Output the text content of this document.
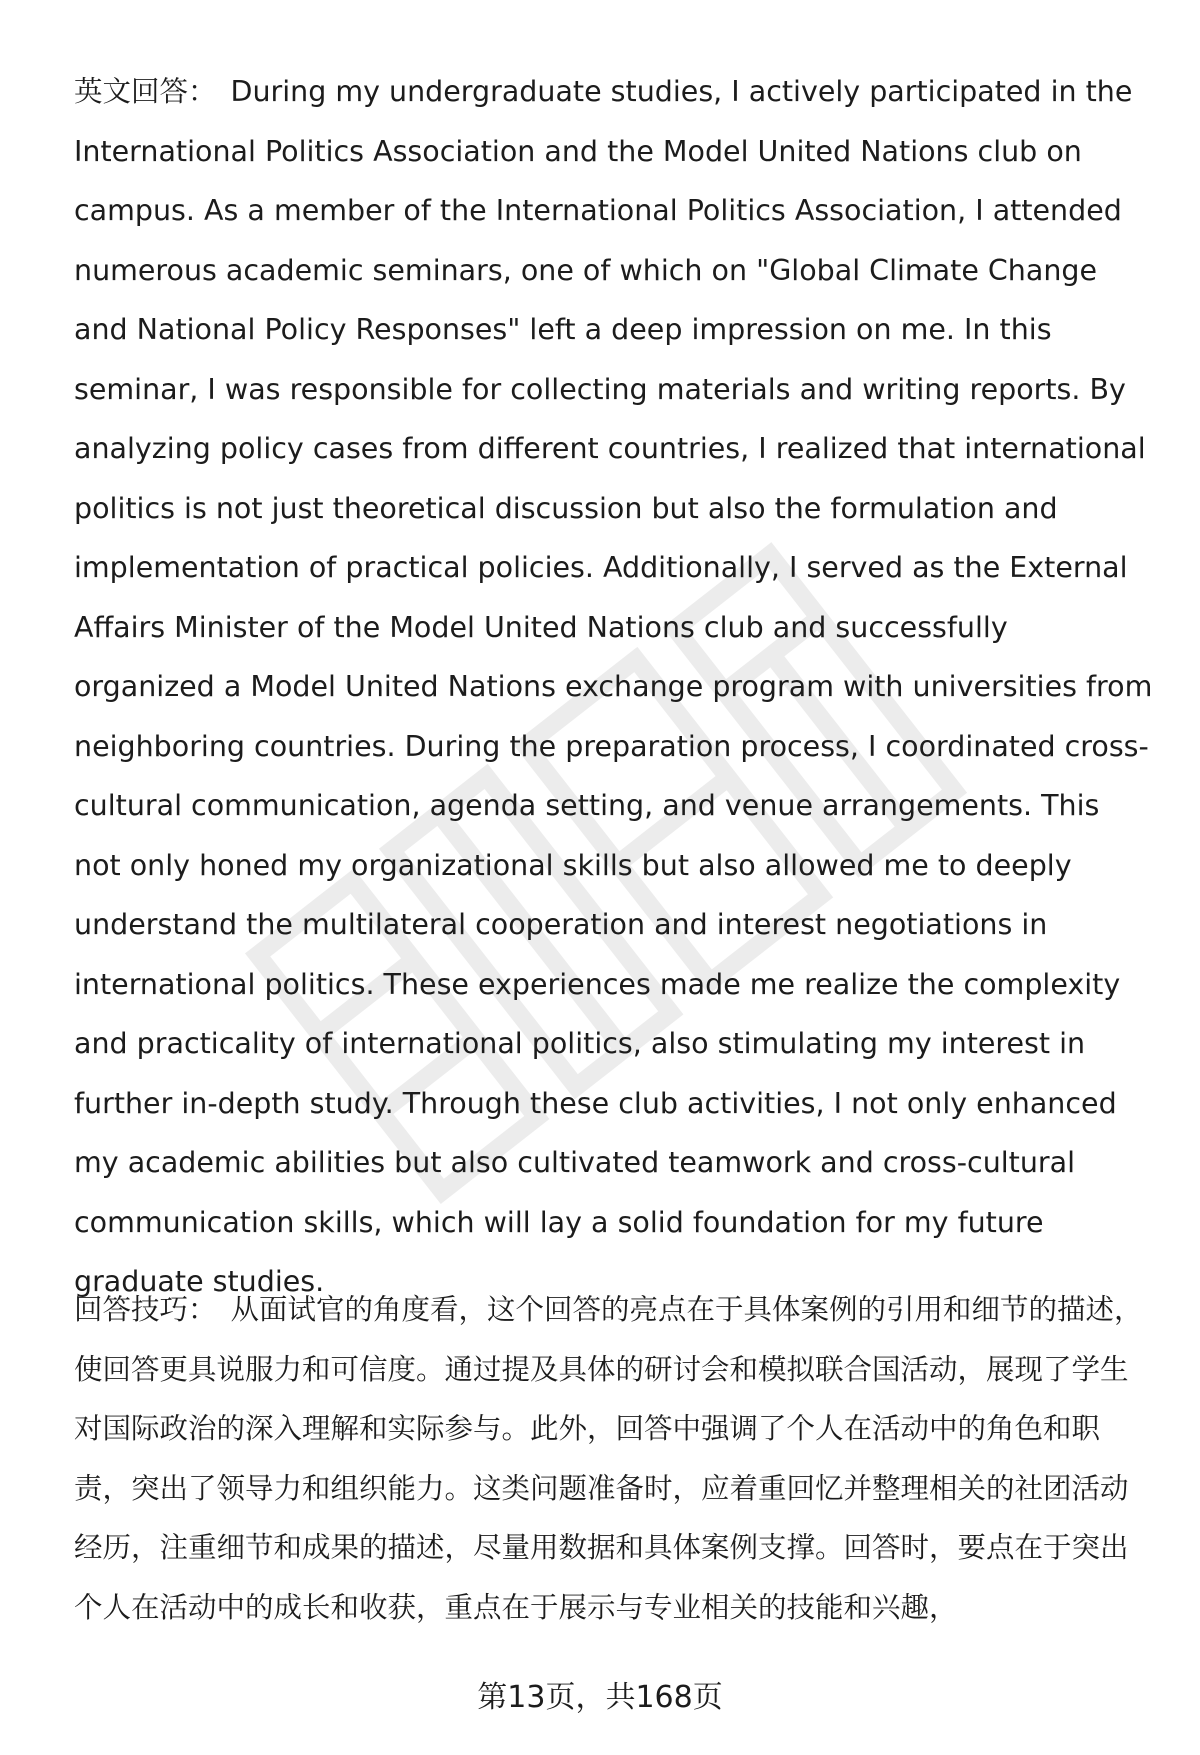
英文回答： During my undergraduate studies, I actively participated in the International Politics Association and the Model United Nations club on campus. As a member of the International Politics Association, I attended numerous academic seminars, one of which on "Global Climate Change and National Policy Responses" left a deep impression on me. In this seminar, I was responsible for collecting materials and writing reports. By analyzing policy cases from different countries, I realized that international politics is not just theoretical discussion but also the formulation and implementation of practical policies. Additionally, I served as the External Affairs Minister of the Model United Nations club and successfully organized a Model United Nations exchange program with universities from neighboring countries. During the preparation process, I coordinated cross-cultural communication, agenda setting, and venue arrangements. This not only honed my organizational skills but also allowed me to deeply understand the multilateral cooperation and interest negotiations in international politics. These experiences made me realize the complexity and practicality of international politics, also stimulating my interest in further in-depth study. Through these club activities, I not only enhanced my academic abilities but also cultivated teamwork and cross-cultural communication skills, which will lay a solid foundation for my future graduate studies.
回答技巧： 从面试官的角度看，这个回答的亮点在于具体案例的引用和细节的描述，使回答更具说服力和可信度。通过提及具体的研讨会和模拟联合国活动，展现了学生对国际政治的深入理解和实际参与。此外，回答中强调了个人在活动中的角色和职责，突出了领导力和组织能力。这类问题准备时，应着重回忆并整理相关的社团活动经历，注重细节和成果的描述，尽量用数据和具体案例支撑。回答时，要点在于突出个人在活动中的成长和收获，重点在于展示与专业相关的技能和兴趣，
第13页，共168页
